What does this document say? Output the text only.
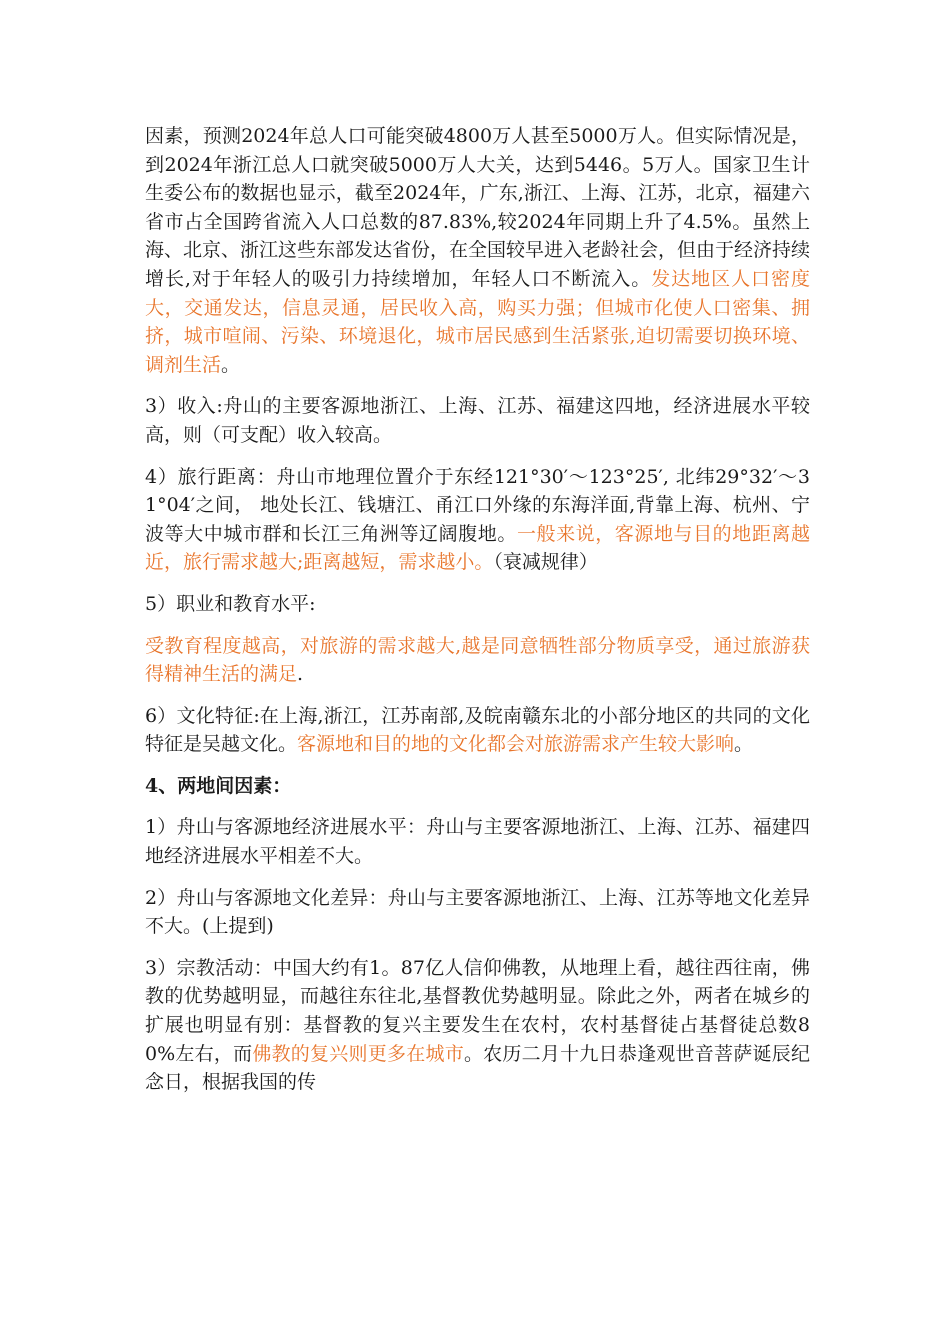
因素，预测2024年总人口可能突破4800万人甚至5000万人。但实际情况是，到2024年浙江总人口就突破5000万人大关，达到5446。5万人。国家卫生计生委公布的数据也显示，截至2024年，广东,浙江、上海、江苏，北京，福建六省市占全国跨省流入人口总数的87.83%,较2024年同期上升了4.5%。虽然上海、北京、浙江这些东部发达省份，在全国较早进入老龄社会，但由于经济持续增长,对于年轻人的吸引力持续增加，年轻人口不断流入。发达地区人口密度大，交通发达，信息灵通，居民收入高，购买力强；但城市化使人口密集、拥挤，城市喧闹、污染、环境退化，城市居民感到生活紧张,迫切需要切换环境、调剂生活。

3）收入:舟山的主要客源地浙江、上海、江苏、福建这四地，经济进展水平较高，则（可支配）收入较高。

4）旅行距离：舟山市地理位置介于东经121°30′～123°25′, 北纬29°32′～31°04′之间， 地处长江、钱塘江、甬江口外缘的东海洋面,背靠上海、杭州、宁波等大中城市群和长江三角洲等辽阔腹地。一般来说，客源地与目的地距离越近，旅行需求越大;距离越短，需求越小。（衰减规律）

5）职业和教育水平:

受教育程度越高，对旅游的需求越大,越是同意牺牲部分物质享受，通过旅游获得精神生活的满足.

6）文化特征:在上海,浙江，江苏南部,及皖南赣东北的小部分地区的共同的文化特征是吴越文化。客源地和目的地的文化都会对旅游需求产生较大影响。

4、两地间因素：

1）舟山与客源地经济进展水平：舟山与主要客源地浙江、上海、江苏、福建四地经济进展水平相差不大。

2）舟山与客源地文化差异：舟山与主要客源地浙江、上海、江苏等地文化差异不大。(上提到)

3）宗教活动：中国大约有1。87亿人信仰佛教，从地理上看，越往西往南，佛教的优势越明显，而越往东往北,基督教优势越明显。除此之外，两者在城乡的扩展也明显有别：基督教的复兴主要发生在农村，农村基督徒占基督徒总数80%左右，而佛教的复兴则更多在城市。农历二月十九日恭逢观世音菩萨诞辰纪念日，根据我国的传
